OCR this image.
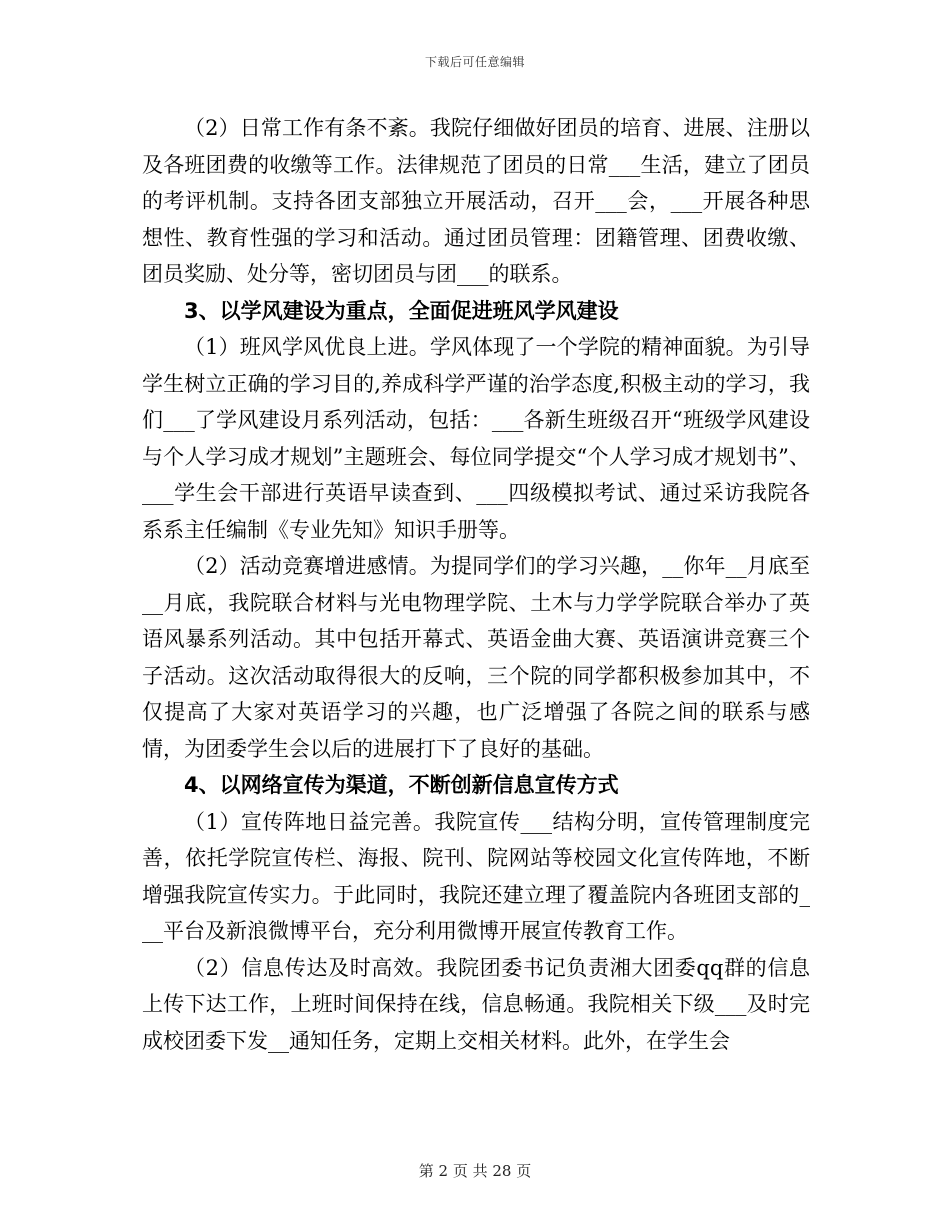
下载后可任意编辑

（2）日常工作有条不紊。我院仔细做好团员的培育、进展、注册以及各班团费的收缴等工作。法律规范了团员的日常___生活，建立了团员的考评机制。支持各团支部独立开展活动，召开___会，___开展各种思想性、教育性强的学习和活动。通过团员管理：团籍管理、团费收缴、团员奖励、处分等，密切团员与团___的联系。

3、以学风建设为重点，全面促进班风学风建设

（1）班风学风优良上进。学风体现了一个学院的精神面貌。为引导学生树立正确的学习目的,养成科学严谨的治学态度,积极主动的学习，我们___了学风建设月系列活动，包括：___各新生班级召开“班级学风建设与个人学习成才规划”主题班会、每位同学提交“个人学习成才规划书”、___学生会干部进行英语早读查到、___四级模拟考试、通过采访我院各系系主任编制《专业先知》知识手册等。

（2）活动竞赛增进感情。为提同学们的学习兴趣，__你年__月底至__月底，我院联合材料与光电物理学院、土木与力学学院联合举办了英语风暴系列活动。其中包括开幕式、英语金曲大赛、英语演讲竞赛三个子活动。这次活动取得很大的反响，三个院的同学都积极参加其中，不仅提高了大家对英语学习的兴趣，也广泛增强了各院之间的联系与感情，为团委学生会以后的进展打下了良好的基础。

4、以网络宣传为渠道，不断创新信息宣传方式

（1）宣传阵地日益完善。我院宣传___结构分明，宣传管理制度完善，依托学院宣传栏、海报、院刊、院网站等校园文化宣传阵地，不断增强我院宣传实力。于此同时，我院还建立理了覆盖院内各班团支部的___平台及新浪微博平台，充分利用微博开展宣传教育工作。

（2）信息传达及时高效。我院团委书记负责湘大团委qq群的信息上传下达工作，上班时间保持在线，信息畅通。我院相关下级___及时完成校团委下发__通知任务，定期上交相关材料。此外，在学生会

第 2 页 共 28 页
